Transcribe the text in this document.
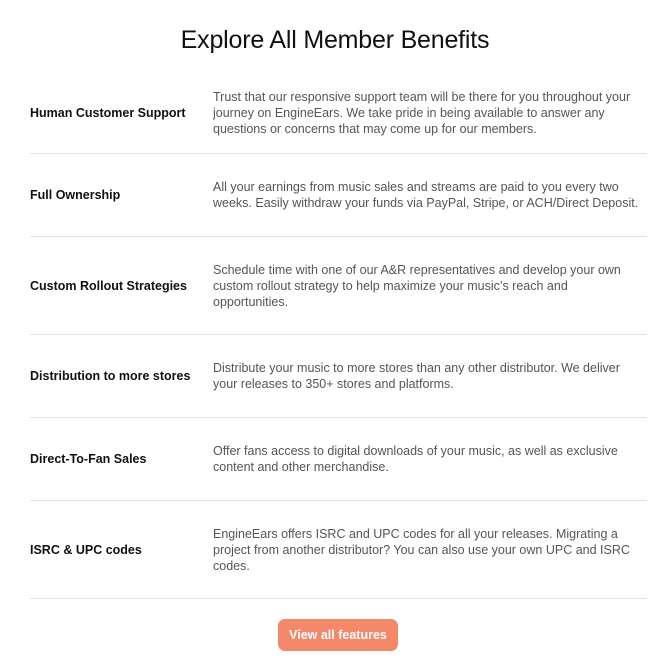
Explore All Member Benefits
Human Customer Support
Trust that our responsive support team will be there for you throughout your journey on EngineEars. We take pride in being available to answer any questions or concerns that may come up for our members.
Full Ownership
All your earnings from music sales and streams are paid to you every two weeks. Easily withdraw your funds via PayPal, Stripe, or ACH/Direct Deposit.
Custom Rollout Strategies
Schedule time with one of our A&R representatives and develop your own custom rollout strategy to help maximize your music’s reach and opportunities.
Distribution to more stores
Distribute your music to more stores than any other distributor. We deliver your releases to 350+ stores and platforms.
Direct-To-Fan Sales
Offer fans access to digital downloads of your music, as well as exclusive content and other merchandise.
ISRC & UPC codes
EngineEars offers ISRC and UPC codes for all your releases. Migrating a project from another distributor? You can also use your own UPC and ISRC codes.
View all features
